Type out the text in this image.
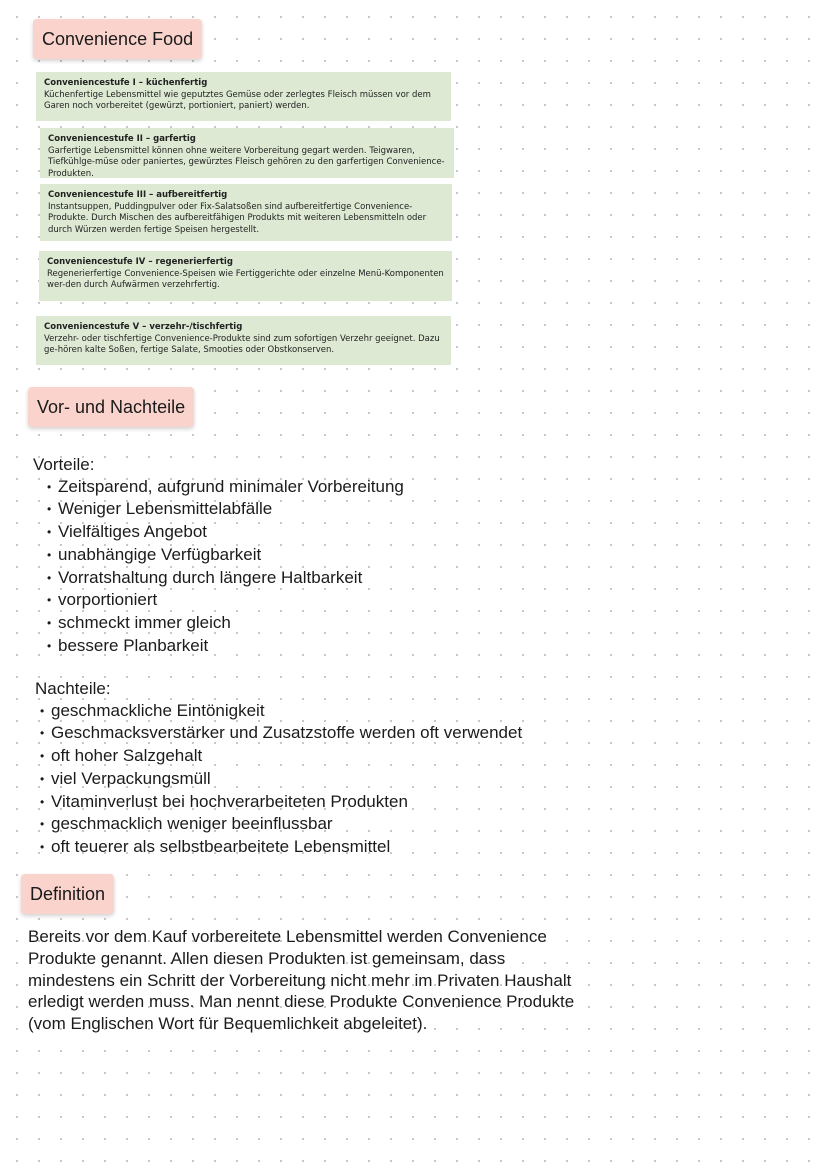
Convenience Food
Conveniencestufe I – küchenfertig
Küchenfertige Lebensmittel wie geputztes Gemüse oder zerlegtes Fleisch müssen vor dem Garen noch vorbereitet (gewürzt, portioniert, paniert) werden.
Conveniencestufe II – garfertig
Garfertige Lebensmittel können ohne weitere Vorbereitung gegart werden. Teigwaren, Tiefkühlge-müse oder paniertes, gewürztes Fleisch gehören zu den garfertigen Convenience-Produkten.
Conveniencestufe III – aufbereitfertig
Instantsuppen, Puddingpulver oder Fix-Salatsoßen sind aufbereitfertige Convenience-Produkte. Durch Mischen des aufbereitfähigen Produkts mit weiteren Lebensmitteln oder durch Würzen werden fertige Speisen hergestellt.
Conveniencestufe IV – regenerierfertig
Regenerierfertige Convenience-Speisen wie Fertiggerichte oder einzelne Menü-Komponenten wer-den durch Aufwärmen verzehrfertig.
Conveniencestufe V – verzehr-/tischfertig
Verzehr- oder tischfertige Convenience-Produkte sind zum sofortigen Verzehr geeignet. Dazu ge-hören kalte Soßen, fertige Salate, Smooties oder Obstkonserven.
Vor- und Nachteile
Vorteile:
• Zeitsparend, aufgrund minimaler Vorbereitung
• Weniger Lebensmittelabfälle
• Vielfältiges Angebot
• unabhängige Verfügbarkeit
• Vorratshaltung durch längere Haltbarkeit
• vorportioniert
• schmeckt immer gleich
• bessere Planbarkeit
Nachteile:
• geschmackliche Eintönigkeit
• Geschmacksverstärker und Zusatzstoffe werden oft verwendet
• oft hoher Salzgehalt
• viel Verpackungsmüll
• Vitaminverlust bei hochverarbeiteten Produkten
• geschmacklich weniger beeinflussbar
• oft teuerer als selbstbearbeitete Lebensmittel
Definition
Bereits vor dem Kauf vorbereitete Lebensmittel werden Convenience Produkte genannt. Allen diesen Produkten ist gemeinsam, dass mindestens ein Schritt der Vorbereitung nicht mehr im Privaten Haushalt erledigt werden muss. Man nennt diese Produkte Convenience Produkte (vom Englischen Wort für Bequemlichkeit abgeleitet).
